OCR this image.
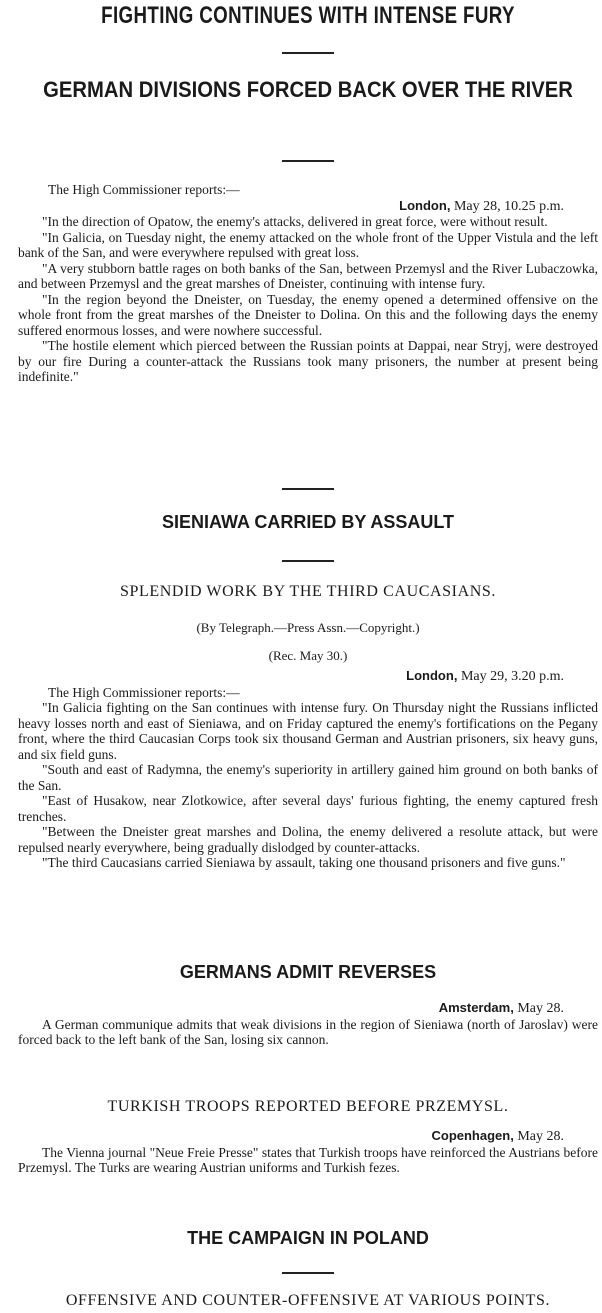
FIGHTING CONTINUES WITH INTENSE FURY

GERMAN DIVISIONS FORCED BACK OVER THE RIVER

The High Commissioner reports:—

London, May 28, 10.25 p.m.

"In the direction of Opatow, the enemy's attacks, delivered in great force, were without result.

"In Galicia, on Tuesday night, the enemy attacked on the whole front of the Upper Vistula and the left bank of the San, and were everywhere repulsed with great loss.

"A very stubborn battle rages on both banks of the San, between Przemysl and the River Lubaczowka, and between Przemysl and the great marshes of Dneister, continuing with intense fury.

"In the region beyond the Dneister, on Tuesday, the enemy opened a determined offensive on the whole front from the great marshes of the Dneister to Dolina. On this and the following days the enemy suffered enormous losses, and were nowhere successful.

"The hostile element which pierced between the Russian points at Dappai, near Stryj, were destroyed by our fire During a counter-attack the Russians took many prisoners, the number at present being indefinite."

SIENIAWA CARRIED BY ASSAULT

SPLENDID WORK BY THE THIRD CAUCASIANS.

(By Telegraph.—Press Assn.—Copyright.)

(Rec. May 30.)

London, May 29, 3.20 p.m.

The High Commissioner reports:—

"In Galicia fighting on the San continues with intense fury. On Thursday night the Russians inflicted heavy losses north and east of Sieniawa, and on Friday captured the enemy's fortifications on the Pegany front, where the third Caucasian Corps took six thousand German and Austrian prisoners, six heavy guns, and six field guns.

"South and east of Radymna, the enemy's superiority in artillery gained him ground on both banks of the San.

"East of Husakow, near Zlotkowice, after several days' furious fighting, the enemy captured fresh trenches.

"Between the Dneister great marshes and Dolina, the enemy delivered a resolute attack, but were repulsed nearly everywhere, being gradually dislodged by counter-attacks.

"The third Caucasians carried Sieniawa by assault, taking one thousand prisoners and five guns."

GERMANS ADMIT REVERSES

Amsterdam, May 28.

A German communique admits that weak divisions in the region of Sieniawa (north of Jaroslav) were forced back to the left bank of the San, losing six cannon.

TURKISH TROOPS REPORTED BEFORE PRZEMYSL.

Copenhagen, May 28.

The Vienna journal "Neue Freie Presse" states that Turkish troops have reinforced the Austrians before Przemysl. The Turks are wearing Austrian uniforms and Turkish fezes.

THE CAMPAIGN IN POLAND

OFFENSIVE AND COUNTER-OFFENSIVE AT VARIOUS POINTS.
